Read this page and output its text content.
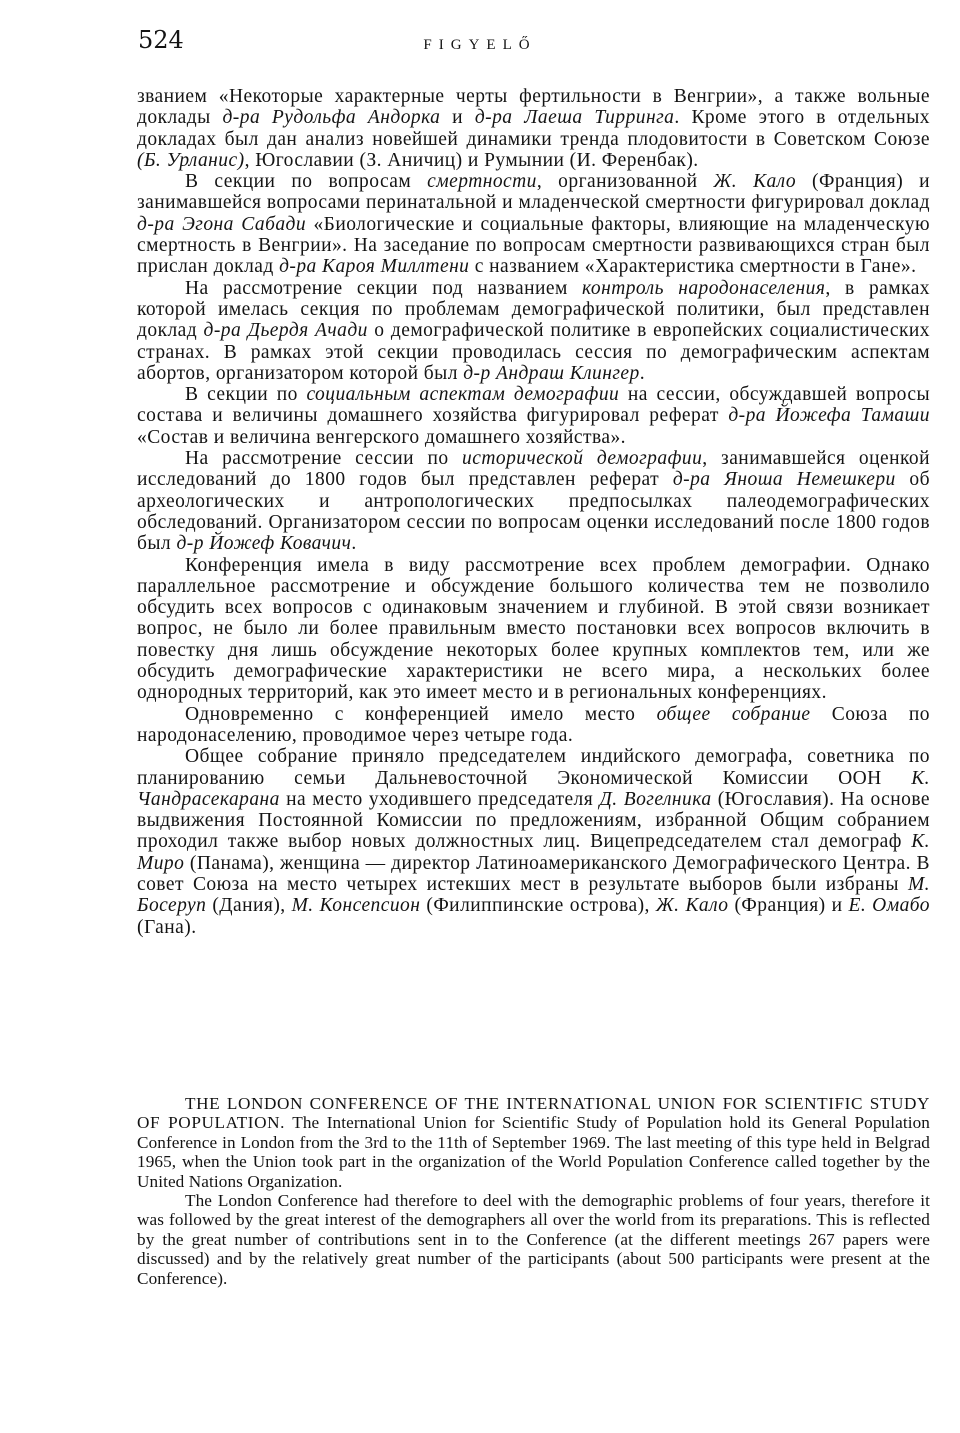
524	FIGYELŐ

званием «Некоторые характерные черты фертильности в Венгрии», а также вольные доклады д-ра Рудольфа Андорка и д-ра Лаеша Тирринга. Кроме этого в отдельных докладах был дан анализ новейшей динамики тренда плодовитости в Советском Союзе (Б. Урланис), Югославии (З. Аничиц) и Румынии (И. Ференбак).

В секции по вопросам смертности, организованной Ж. Кало (Франция) и занимавшейся вопросами перинатальной и младенческой смертности фигурировал доклад д-ра Эгона Сабади «Биологические и социальные факторы, влияющие на младенческую смертность в Венгрии». На заседание по вопросам смертности развивающихся стран был прислан доклад д-ра Кароя Миллтени с названием «Характеристика смертности в Гане».

На рассмотрение секции под названием контроль народонаселения, в рамках которой имелась секция по проблемам демографической политики, был представлен доклад д-ра Дьердя Ачади о демографической политике в европейских социалистических странах. В рамках этой секции проводилась сессия по демографическим аспектам абортов, организатором которой был д-р Андраш Клингер.

В секции по социальным аспектам демографии на сессии, обсуждавшей вопросы состава и величины домашнего хозяйства фигурировал реферат д-ра Йожефа Тамаши «Состав и величина венгерского домашнего хозяйства».

На рассмотрение сессии по исторической демографии, занимавшейся оценкой исследований до 1800 годов был представлен реферат д-ра Яноша Немешкери об археологических и антропологических предпосылках палеодемографических обследований. Организатором сессии по вопросам оценки исследований после 1800 годов был д-р Йожеф Ковачич.

Конференция имела в виду рассмотрение всех проблем демографии. Однако параллельное рассмотрение и обсуждение большого количества тем не позволило обсудить всех вопросов с одинаковым значением и глубиной. В этой связи возникает вопрос, не было ли более правильным вместо постановки всех вопросов включить в повестку дня лишь обсуждение некоторых более крупных комплектов тем, или же обсудить демографические характеристики не всего мира, а нескольких более однородных территорий, как это имеет место и в региональных конференциях.

Одновременно с конференцией имело место общее собрание Союза по народонаселению, проводимое через четыре года.

Общее собрание приняло председателем индийского демографа, советника по планированию семьи Дальневосточной Экономической Комиссии ООН К. Чандрасекарана на место уходившего председателя Д. Вогелника (Югославия). На основе выдвижения Постоянной Комиссии по предложениям, избранной Общим собранием проходил также выбор новых должностных лиц. Вицепредседателем стал демограф К. Миро (Панама), женщина — директор Латиноамериканского Демографического Центра. В совет Союза на место четырех истекших мест в результате выборов были избраны М. Босеруп (Дания), М. Консепсион (Филиппинские острова), Ж. Кало (Франция) и Е. Омабо (Гана).

THE LONDON CONFERENCE OF THE INTERNATIONAL UNION FOR SCIENTIFIC STUDY OF POPULATION. The International Union for Scientific Study of Population hold its General Population Conference in London from the 3rd to the 11th of September 1969. The last meeting of this type held in Belgrad 1965, when the Union took part in the organization of the World Population Conference called together by the United Nations Organization.

The London Conference had therefore to deel with the demographic problems of four years, therefore it was followed by the great interest of the demographers all over the world from its preparations. This is reflected by the great number of contributions sent in to the Conference (at the different meetings 267 papers were discussed) and by the relatively great number of the participants (about 500 participants were present at the Conference).
